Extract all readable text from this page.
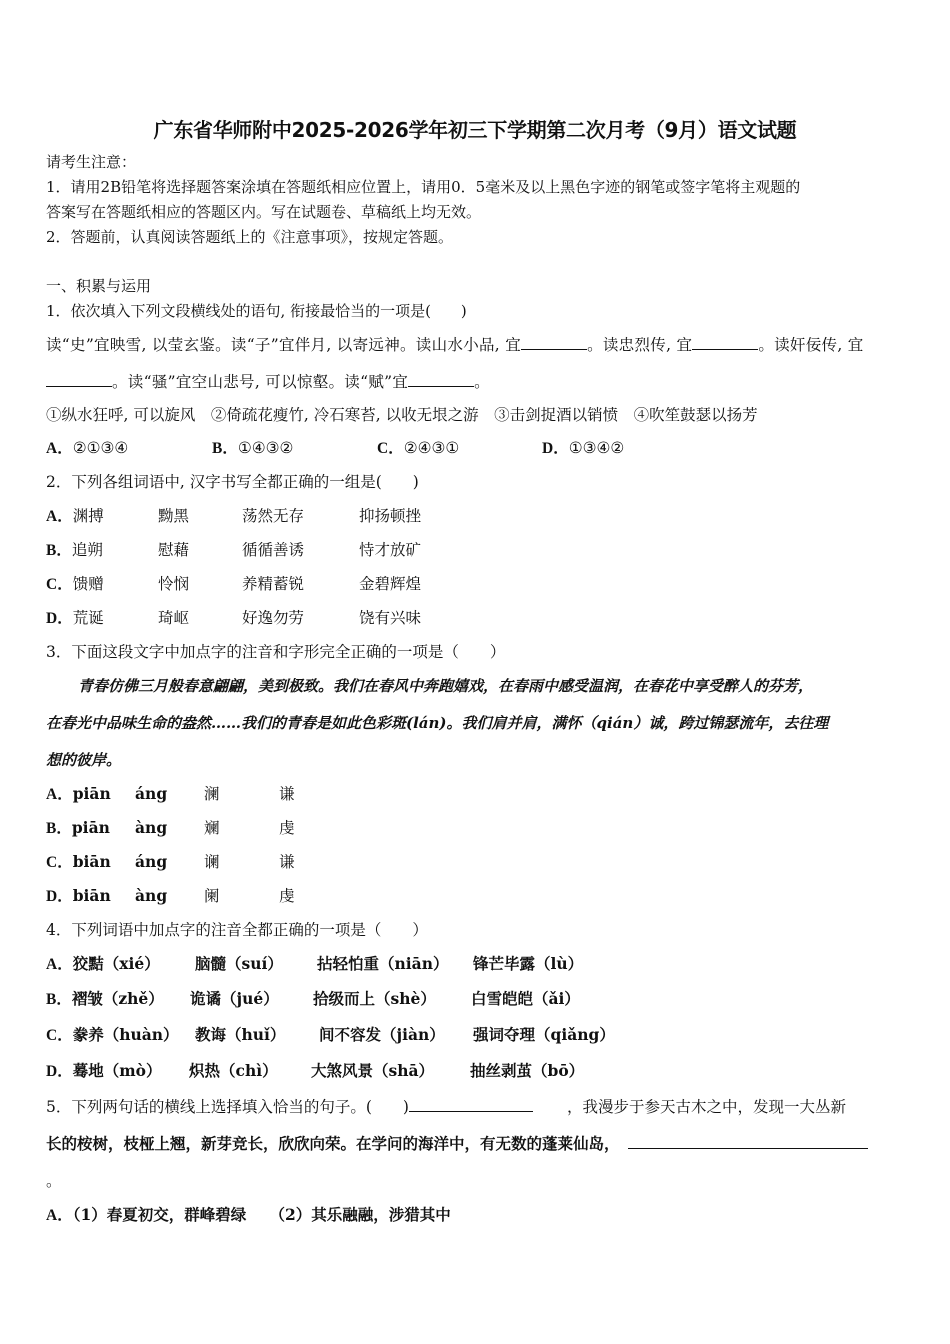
广东省华师附中2025-2026学年初三下学期第二次月考（9月）语文试题
请考生注意：
1．请用2B铅笔将选择题答案涂填在答题纸相应位置上，请用0．5毫米及以上黑色字迹的钢笔或签字笔将主观题的
答案写在答题纸相应的答题区内。写在试题卷、草稿纸上均无效。
2．答题前，认真阅读答题纸上的《注意事项》，按规定答题。
一、积累与运用
1．依次填入下列文段横线处的语句, 衔接最恰当的一项是(　　)
读“史”宜映雪, 以莹玄鉴。读“子”宜伴月, 以寄远神。读山水小品, 宜	。读忠烈传, 宜	。读奸佞传, 宜
。读“骚”宜空山悲号, 可以惊壑。读“赋”宜	。
①纵水狂呼, 可以旋风　②倚疏花瘦竹, 冷石寒苔, 以收无垠之游　③击剑捉酒以销愤　④吹笙鼓瑟以扬芳
A．②①③④	B．①④③②	C．②④③①	D．①③④②
2．下列各组词语中, 汉字书写全都正确的一组是(　　)
A．渊搏	黝黑	荡然无存	抑扬顿挫
B．追朔	慰藉	循循善诱	恃才放矿
C．馈赠	怜悯	养精蓄锐	金碧辉煌
D．荒诞	琦岖	好逸勿劳	饶有兴味
3．下面这段文字中加点字的注音和字形完全正确的一项是（　　）
青春仿佛三月般春意翩翩，美到极致。我们在春风中奔跑嬉戏，在春雨中感受温润，在春花中享受醉人的芬芳，
在春光中品味生命的盎然……我们的青春是如此色彩斑(lán)。我们肩并肩，满怀（qián）诚，跨过锦瑟流年，去往理
想的彼岸。
A．piān áng 澜	谦
B．piān àng 斓	虔
C．biān áng 谰	谦
D．biān àng 阑	虔
4．下列词语中加点字的注音全都正确的一项是（　　）
A．狡黠（xié） 脑髓（suí） 拈轻怕重（niān） 锋芒毕露（lù）
B．褶皱（zhě） 诡谲（jué） 拾级而上（shè） 白雪皑皑（ǎi）
C．豢养（huàn） 教诲（huǐ） 间不容发（jiàn） 强词夺理（qiǎng）
D．蓦地（mò） 炽热（chì） 大煞风景（shā） 抽丝剥茧（bō）
5．下列两句话的横线上选择填入恰当的句子。(　　)	，我漫步于参天古木之中，发现一大丛新
长的桉树，枝桠上翘，新芽竞长，欣欣向荣。在学问的海洋中，有无数的蓬莱仙岛，
。
A．（1）春夏初交，群峰碧绿　　（2）其乐融融，涉猎其中
